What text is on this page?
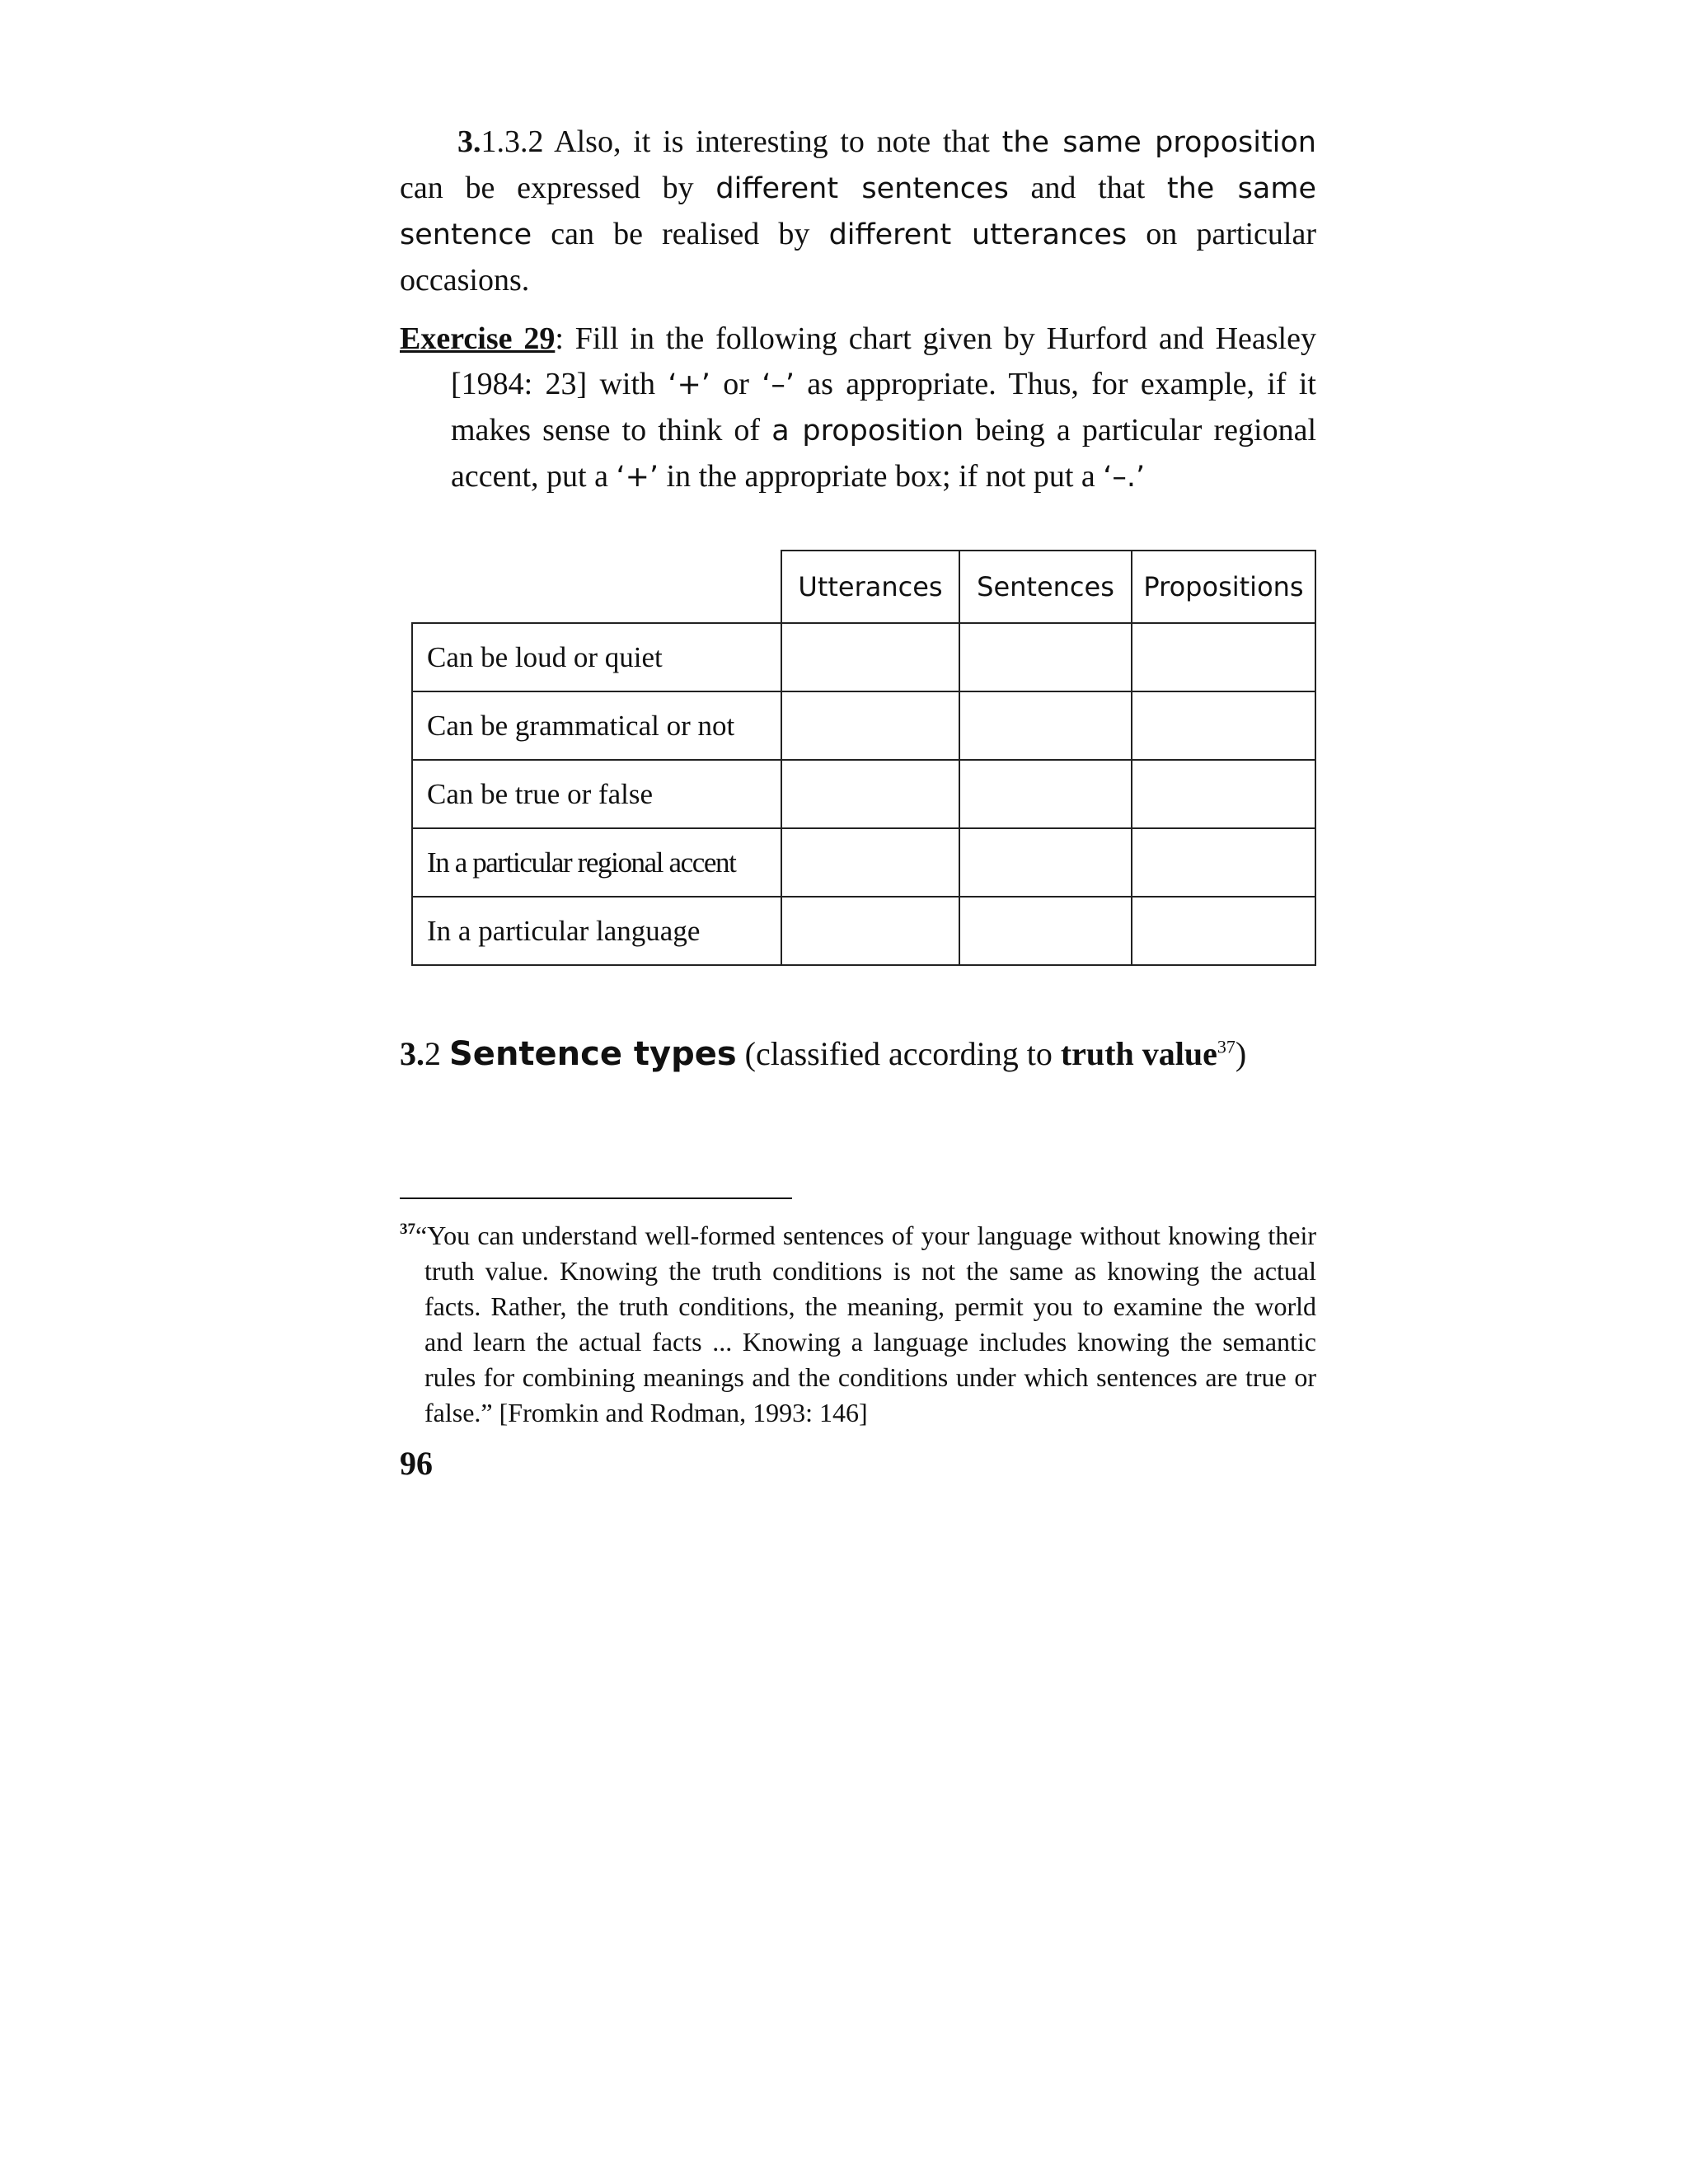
3.1.3.2 Also, it is interesting to note that the same proposition can be expressed by different sentences and that the same sentence can be realised by different utterances on particular occasions.
Exercise 29: Fill in the following chart given by Hurford and Heasley [1984: 23] with ‘+’ or ‘–’ as appropriate. Thus, for example, if it makes sense to think of a proposition being a particular regional accent, put a ‘+’ in the appropriate box; if not put a ‘–.’
	Utterances	Sentences	Propositions
Can be loud or quiet			
Can be grammatical or not			
Can be true or false			
In a particular regional accent			
In a particular language			
3.2 Sentence types (classified according to truth value$^{37}$)
$^{37}$“You can understand well-formed sentences of your language without knowing their truth value. Knowing the truth conditions is not the same as knowing the actual facts. Rather, the truth conditions, the meaning, permit you to examine the world and learn the actual facts ... Knowing a language includes knowing the semantic rules for combining meanings and the conditions under which sentences are true or false.” [Fromkin and Rodman, 1993: 146]
96
